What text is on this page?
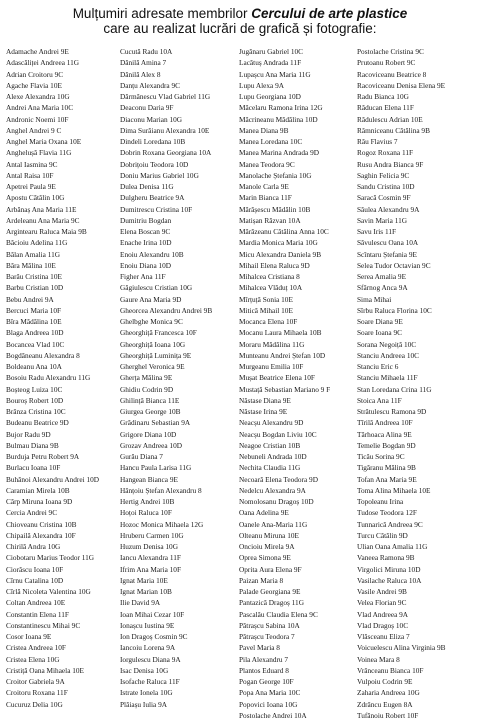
Mulțumiri adresate membrilor Cercului de arte plastice
care au realizat lucrări de grafică și fotografie:
Adamache Andrei 9E
Adascăliței Andreea 11G
Adrian Croitoru 9C
Agache Flavia 10E
Alexe Alexandra 10G
Andrei Ana Maria 10C
Andronic Noemi 10F
Anghel Andrei 9 C
Anghel Maria Oxana 10E
Anghelușă Flavia 11G
Antal Iasmina 9C
Antal Raisa 10F
Apetrei Paula 9E
Apostu Cătălin 10G
Arbănaș Ana Maria 11E
Ardeleanu Ana Maria 9C
Argintearu Raluca Maia 9B
Băcioiu Adelina 11G
Bălan Amalia 11G
Băra Mălina 10E
Barău Cristina 10E
Barbu Cristian 10D
Bebu Andrei 9A
Bercuci Maria 10F
Bîra Mădălina 10E
Blaga Andreea 10D
Bocancea Vlad 10C
Bogdăneanu Alexandra 8
Boldeanu Ana 10A
Bosoiu Radu Alexandru 11G
Boșteog Luiza 10C
Bouroș Robert 10D
Brânza Cristina 10C
Budeanu Beatrice 9D
Bujor Radu 9D
Bulmau Diana 9B
Burduja Petru Robert 9A
Burlacu Ioana 10F
Buhănoi Alexandru Andrei 10D
Caramian Mirela 10B
Cărp Miruna Ioana 9D
Cercia Andrei 9C
Chioveanu Cristina 10B
Chipailă Alexandra 10F
Chirilă Andra 10G
Ciobotaru Marius Teodor 11G
Ciorăscu Ioana 10F
Cîrnu Catalina 10D
Cîrlă Nicoleta Valentina 10G
Coltan Andreea 10E
Constantin Elena 11F
Constantinescu Mihai 9C
Cosor Ioana 9E
Cristea Andreea 10F
Cristea Elena 10G
Cristiță Oana Mihaela 10E
Croitor Gabriela 9A
Croitoru Roxana 11F
Cucuruz Delia 10G
Cucută Radu 10A
Dănilă Amina 7
Dănilă Alex 8
Danțu Alexandra 9C
Dărmănescu Vlad Gabriel 11G
Deaconu Daria 9F
Diaconu Marian 10G
Dima Surăianu Alexandra 10E
Dindeli Loredana 10B
Dobrin Roxana Georgiana 10A
Dobrițoiu Teodora 10D
Doniu Marius Gabriel 10G
Dulea Denisa 11G
Dulgheru Beatrice 9A
Dumitrescu Cristina 10F
Dumitriu Bogdan
Elena Boscan 9C
Enache Irina 10D
Enoiu Alexandru 10B
Enoiu Diana 10D
Figher Ana 11F
Găgiulescu Cristian 10G
Gaure Ana Maria 9D
Gheorcea Alexandru Andrei 9B
Ghelbghe Monica 9C
Gheorghiță Francesca 10F
Gheorghiță Ioana 10G
Gheorghiță Luminița 9E
Gherghel Veronica 9E
Gherța Mălina 9E
Ghidiu Codrin 9D
Ghilință Bianca 11E
Giurgea George 10B
Grădinaru Sebastian 9A
Grigore Diana 10D
Grozav Andreea 10D
Gurău Diana 7
Hancu Paula Larisa 11G
Hangean Bianca 9E
Hânțoiu Ștefan Alexandru 8
Hertig Andrei 10B
Hoțoi Raluca 10F
Hozoc Monica Mihaela 12G
Hruberu Carmen 10G
Huzum Denisa 10G
Iancu Alexandra 11F
Ifrim Ana Maria 10F
Ignat Maria 10E
Ignat Marian 10B
Ilie David 9A
Ioan Mihai Cezar 10F
Ionașcu Iustina 9E
Ion Dragoș Cosmin 9C
Iancoiu Lorena 9A
Iorgulescu Diana 9A
Isac Denisa 10G
Isofache Raluca 11F
Istrate Ionela 10G
Plăiașu Iulia 9A
Jugănaru Gabriel 10C
Lacătuș Andrada 11F
Lupașcu Ana Maria 11G
Lupu Alexa 9A
Lupu Georgiana 10D
Măcelaru Ramona Irina 12G
Măcrineanu Mădălina 10D
Manea Diana 9B
Manea Loredana 10C
Manea Marina Andrada 9D
Manea Teodora 9C
Manolache Ștefania 10G
Manole Carla 9E
Marin Bianca 11F
Mărășescu Mădălin 10B
Matișan Răzvan 10A
Mărăzeanu Cătălina Anna 10C
Mardia Monica Maria 10G
Micu Alexandra Daniela 9B
Mihail Elena Raluca 9D
Mihalcea Cristiana 8
Mihalcea Vlăduț 10A
Mîrțuță Sonia 10E
Mitică Mihail 10E
Mocanca Elena 10F
Mocanu Laura Mihaela 10B
Moraru Mădălina 11G
Munteanu Andrei Ștefan 10D
Murgeanu Emilia 10F
Mușat Beatrice Elena 10F
Mustață Sebastian Mariano 9 F
Năstase Diana 9E
Năstase Irina 9E
Neacșu Alexandru 9D
Neacșu Bogdan Liviu 10C
Neagoe Cristian 10B
Nebuneli Andrada 10D
Nechita Claudia 11G
Necoară Elena Teodora 9D
Nedelcu Alexandra 9A
Nomolosanu Dragoș 10D
Oana Adelina 9E
Oanele Ana-Maria 11G
Olteanu Miruna 10E
Oncioiu Mirela 9A
Oprea Simona 9E
Oprita Aura Elena 9F
Paizan Maria 8
Palade Georgiana 9E
Pantazică Dragoș 11G
Pascalău Claudia Elena 9C
Pătrașcu Sabina 10A
Pătrașcu Teodora 7
Pavel Maria 8
Pila Alexandru 7
Plantos Eduard 8
Pogan George 10F
Popa Ana Maria 10C
Popovici Ioana 10G
Postolache Andrei 10A
Postolache Cristina 9C
Prutoanu Robert 9C
Racoviceanu Beatrice 8
Racoviceanu Denisa Elena 9E
Radu Bianca 10G
Răducan Elena 11F
Rădulescu Adrian 10E
Râmniceanu Cătălina 9B
Rău Flavius 7
Rogoz Roxana 11F
Rusu Andra Bianca 9F
Saghin Felicia 9C
Sandu Cristina 10D
Saracă Cosmin 9F
Săulea Alexandru 9A
Savin Maria 11G
Savu Iris 11F
Săvulescu Oana 10A
Scîntaru Ștefania 9E
Selea Tudor Octavian 9C
Serea Amalia 9E
Sfârnog Anca 9A
Sima Mihai
Sîrbu Raluca Florina 10C
Soare Diana 9E
Soare Ioana 9C
Sorana Negoiță 10C
Stanciu Andreea 10C
Stanciu Eric 6
Stanciu Mihaela 11F
Stan Loredana Crina 11G
Stoica Ana 11F
Strătulescu Ramona 9D
Tîrilă Andreea 10F
Tărhoaca Alina 9E
Temelie Bogdan 9D
Ticău Sorina 9C
Tigăranu Mălina 9B
Tofan Ana Maria 9E
Toma Alina Mihaela 10E
Topoleanu Irina
Tudose Teodora 12F
Tunnarică Andreea 9C
Turcu Cătălin 9D
Ulian Oana Amalia 11G
Vaneea Ramona 9B
Virgolici Miruna 10D
Vasilache Raluca 10A
Vasile Andrei 9B
Velea Florian 9C
Vlad Andreea 9A
Vlad Dragoș 10C
Vlăsceanu Eliza 7
Voicuelescu Alina Virginia 9B
Voinea Mara 8
Vrânceanu Bianca 10F
Vulpoiu Codrin 9E
Zaharia Andreea 10G
Zdrâncu Eugen 8A
Tufănoiu Robert 10F
